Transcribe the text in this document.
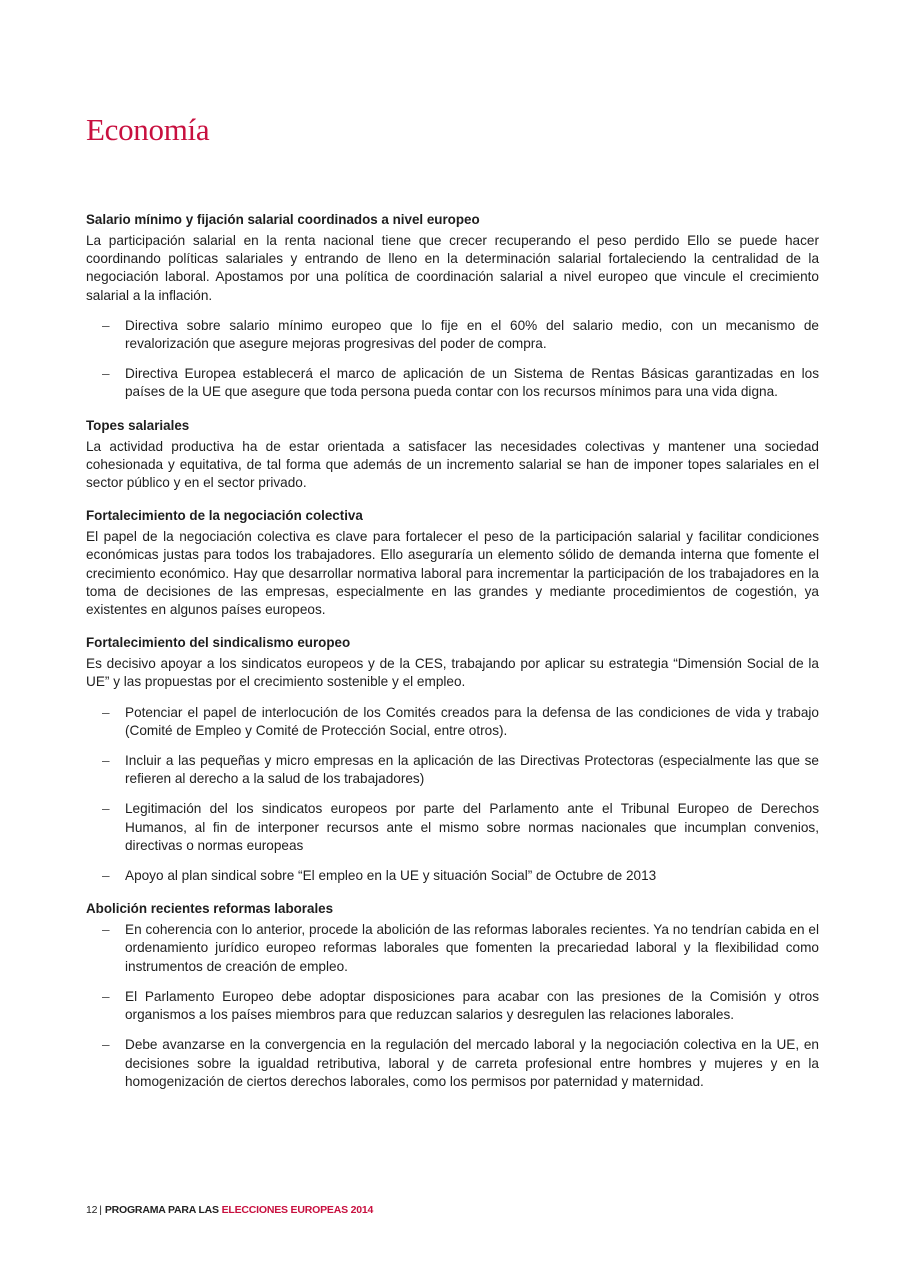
Economía
Salario mínimo y fijación salarial coordinados a nivel europeo

La participación salarial en la renta nacional tiene que crecer recuperando el peso perdido Ello se puede hacer coordinando políticas salariales y entrando de lleno en la determinación salarial fortaleciendo la centralidad de la negociación laboral. Apostamos por una política de coordinación salarial a nivel europeo que vincule el crecimiento salarial a la inflación.

– Directiva sobre salario mínimo europeo que lo fije en el 60% del salario medio, con un mecanismo de revalorización que asegure mejoras progresivas del poder de compra.
– Directiva Europea establecerá el marco de aplicación de un Sistema de Rentas Básicas garantizadas en los países de la UE que asegure que toda persona pueda contar con los recursos mínimos para una vida digna.
Topes salariales

La actividad productiva ha de estar orientada a satisfacer las necesidades colectivas y mantener una sociedad cohesionada y equitativa, de tal forma que además de un incremento salarial se han de imponer topes salariales en el sector público y en el sector privado.

Fortalecimiento de la negociación colectiva

El papel de la negociación colectiva es clave para fortalecer el peso de la participación salarial y facilitar condiciones económicas justas para todos los trabajadores. Ello aseguraría un elemento sólido de demanda interna que fomente el crecimiento económico. Hay que desarrollar normativa laboral para incrementar la participación de los trabajadores en la toma de decisiones de las empresas, especialmente en las grandes y mediante procedimientos de cogestión, ya existentes en algunos países europeos.

Fortalecimiento del sindicalismo europeo

Es decisivo apoyar a los sindicatos europeos y de la CES, trabajando por aplicar su estrategia “Dimensión Social de la UE” y las propuestas por el crecimiento sostenible y el empleo.

– Potenciar el papel de interlocución de los Comités creados para la defensa de las condiciones de vida y trabajo (Comité de Empleo y Comité de Protección Social, entre otros).
– Incluir a las pequeñas y micro empresas en la aplicación de las Directivas Protectoras (especialmente las que se refieren al derecho a la salud de los trabajadores)
– Legitimación del los sindicatos europeos por parte del Parlamento ante el Tribunal Europeo de Derechos Humanos, al fin de interponer recursos ante el mismo sobre normas nacionales que incumplan convenios, directivas o normas europeas
– Apoyo al plan sindical sobre “El empleo en la UE y situación Social” de Octubre de 2013
Abolición recientes reformas laborales
– En coherencia con lo anterior, procede la abolición de las reformas laborales recientes. Ya no tendrían cabida en el ordenamiento jurídico europeo reformas laborales que fomenten la precariedad laboral y la flexibilidad como instrumentos de creación de empleo.
– El Parlamento Europeo debe adoptar disposiciones para acabar con las presiones de la Comisión y otros organismos a los países miembros para que reduzcan salarios y desregulen las relaciones laborales.
– Debe avanzarse en la convergencia en la regulación del mercado laboral y la negociación colectiva en la UE, en decisiones sobre la igualdad retributiva, laboral y de carreta profesional entre hombres y mujeres y en la homogenización de ciertos derechos laborales, como los permisos por paternidad y maternidad.
12 | PROGRAMA PARA LAS ELECCIONES EUROPEAS 2014
